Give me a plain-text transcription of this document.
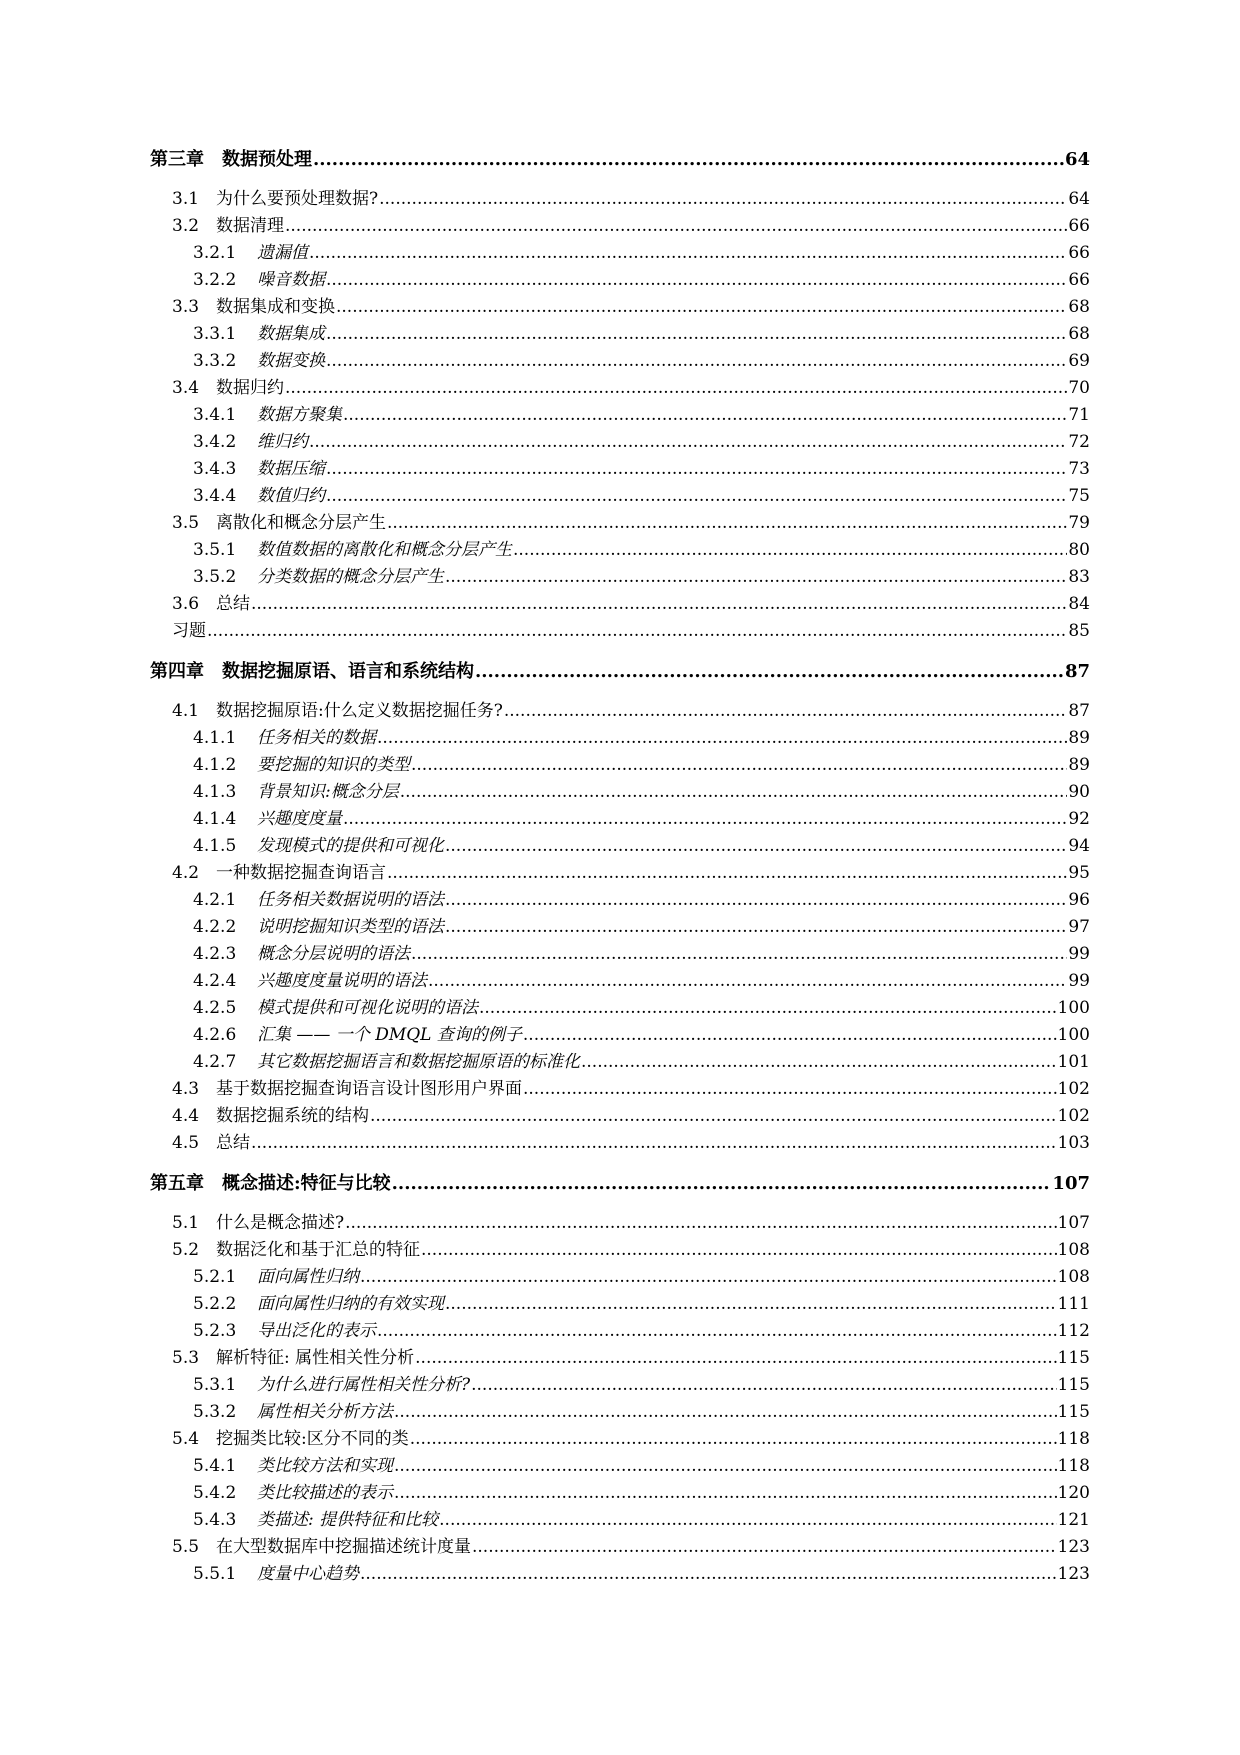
第三章 数据预处理 .....	64
3.1 为什么要预处理数据? .....	64
3.2 数据清理 .....	66
3.2.1 遗漏值 .....	66
3.2.2 噪音数据 .....	66
3.3 数据集成和变换 .....	68
3.3.1 数据集成 .....	68
3.3.2 数据变换 .....	69
3.4 数据归约 .....	70
3.4.1 数据方聚集 .....	71
3.4.2 维归约 .....	72
3.4.3 数据压缩 .....	73
3.4.4 数值归约 .....	75
3.5 离散化和概念分层产生 .....	79
3.5.1 数值数据的离散化和概念分层产生 .....	80
3.5.2 分类数据的概念分层产生 .....	83
3.6 总结 .....	84
习题 .....	85
第四章 数据挖掘原语、语言和系统结构 .....	87
4.1 数据挖掘原语:什么定义数据挖掘任务? .....	87
4.1.1 任务相关的数据 .....	89
4.1.2 要挖掘的知识的类型 .....	89
4.1.3 背景知识:概念分层 .....	90
4.1.4 兴趣度度量 .....	92
4.1.5 发现模式的提供和可视化 .....	94
4.2 一种数据挖掘查询语言 .....	95
4.2.1 任务相关数据说明的语法 .....	96
4.2.2 说明挖掘知识类型的语法 .....	97
4.2.3 概念分层说明的语法 .....	99
4.2.4 兴趣度度量说明的语法 .....	99
4.2.5 模式提供和可视化说明的语法 .....	100
4.2.6 汇集 —— 一个 DMQL 查询的例子 .....	100
4.2.7 其它数据挖掘语言和数据挖掘原语的标准化 .....	101
4.3 基于数据挖掘查询语言设计图形用户界面 .....	102
4.4 数据挖掘系统的结构 .....	102
4.5 总结 .....	103
第五章 概念描述:特征与比较 .....	107
5.1 什么是概念描述? .....	107
5.2 数据泛化和基于汇总的特征 .....	108
5.2.1 面向属性归纳 .....	108
5.2.2 面向属性归纳的有效实现 .....	111
5.2.3 导出泛化的表示 .....	112
5.3 解析特征: 属性相关性分析 .....	115
5.3.1 为什么进行属性相关性分析? .....	115
5.3.2 属性相关分析方法 .....	115
5.4 挖掘类比较:区分不同的类 .....	118
5.4.1 类比较方法和实现 .....	118
5.4.2 类比较描述的表示 .....	120
5.4.3 类描述: 提供特征和比较 .....	121
5.5 在大型数据库中挖掘描述统计度量 .....	123
5.5.1 度量中心趋势 .....	123
